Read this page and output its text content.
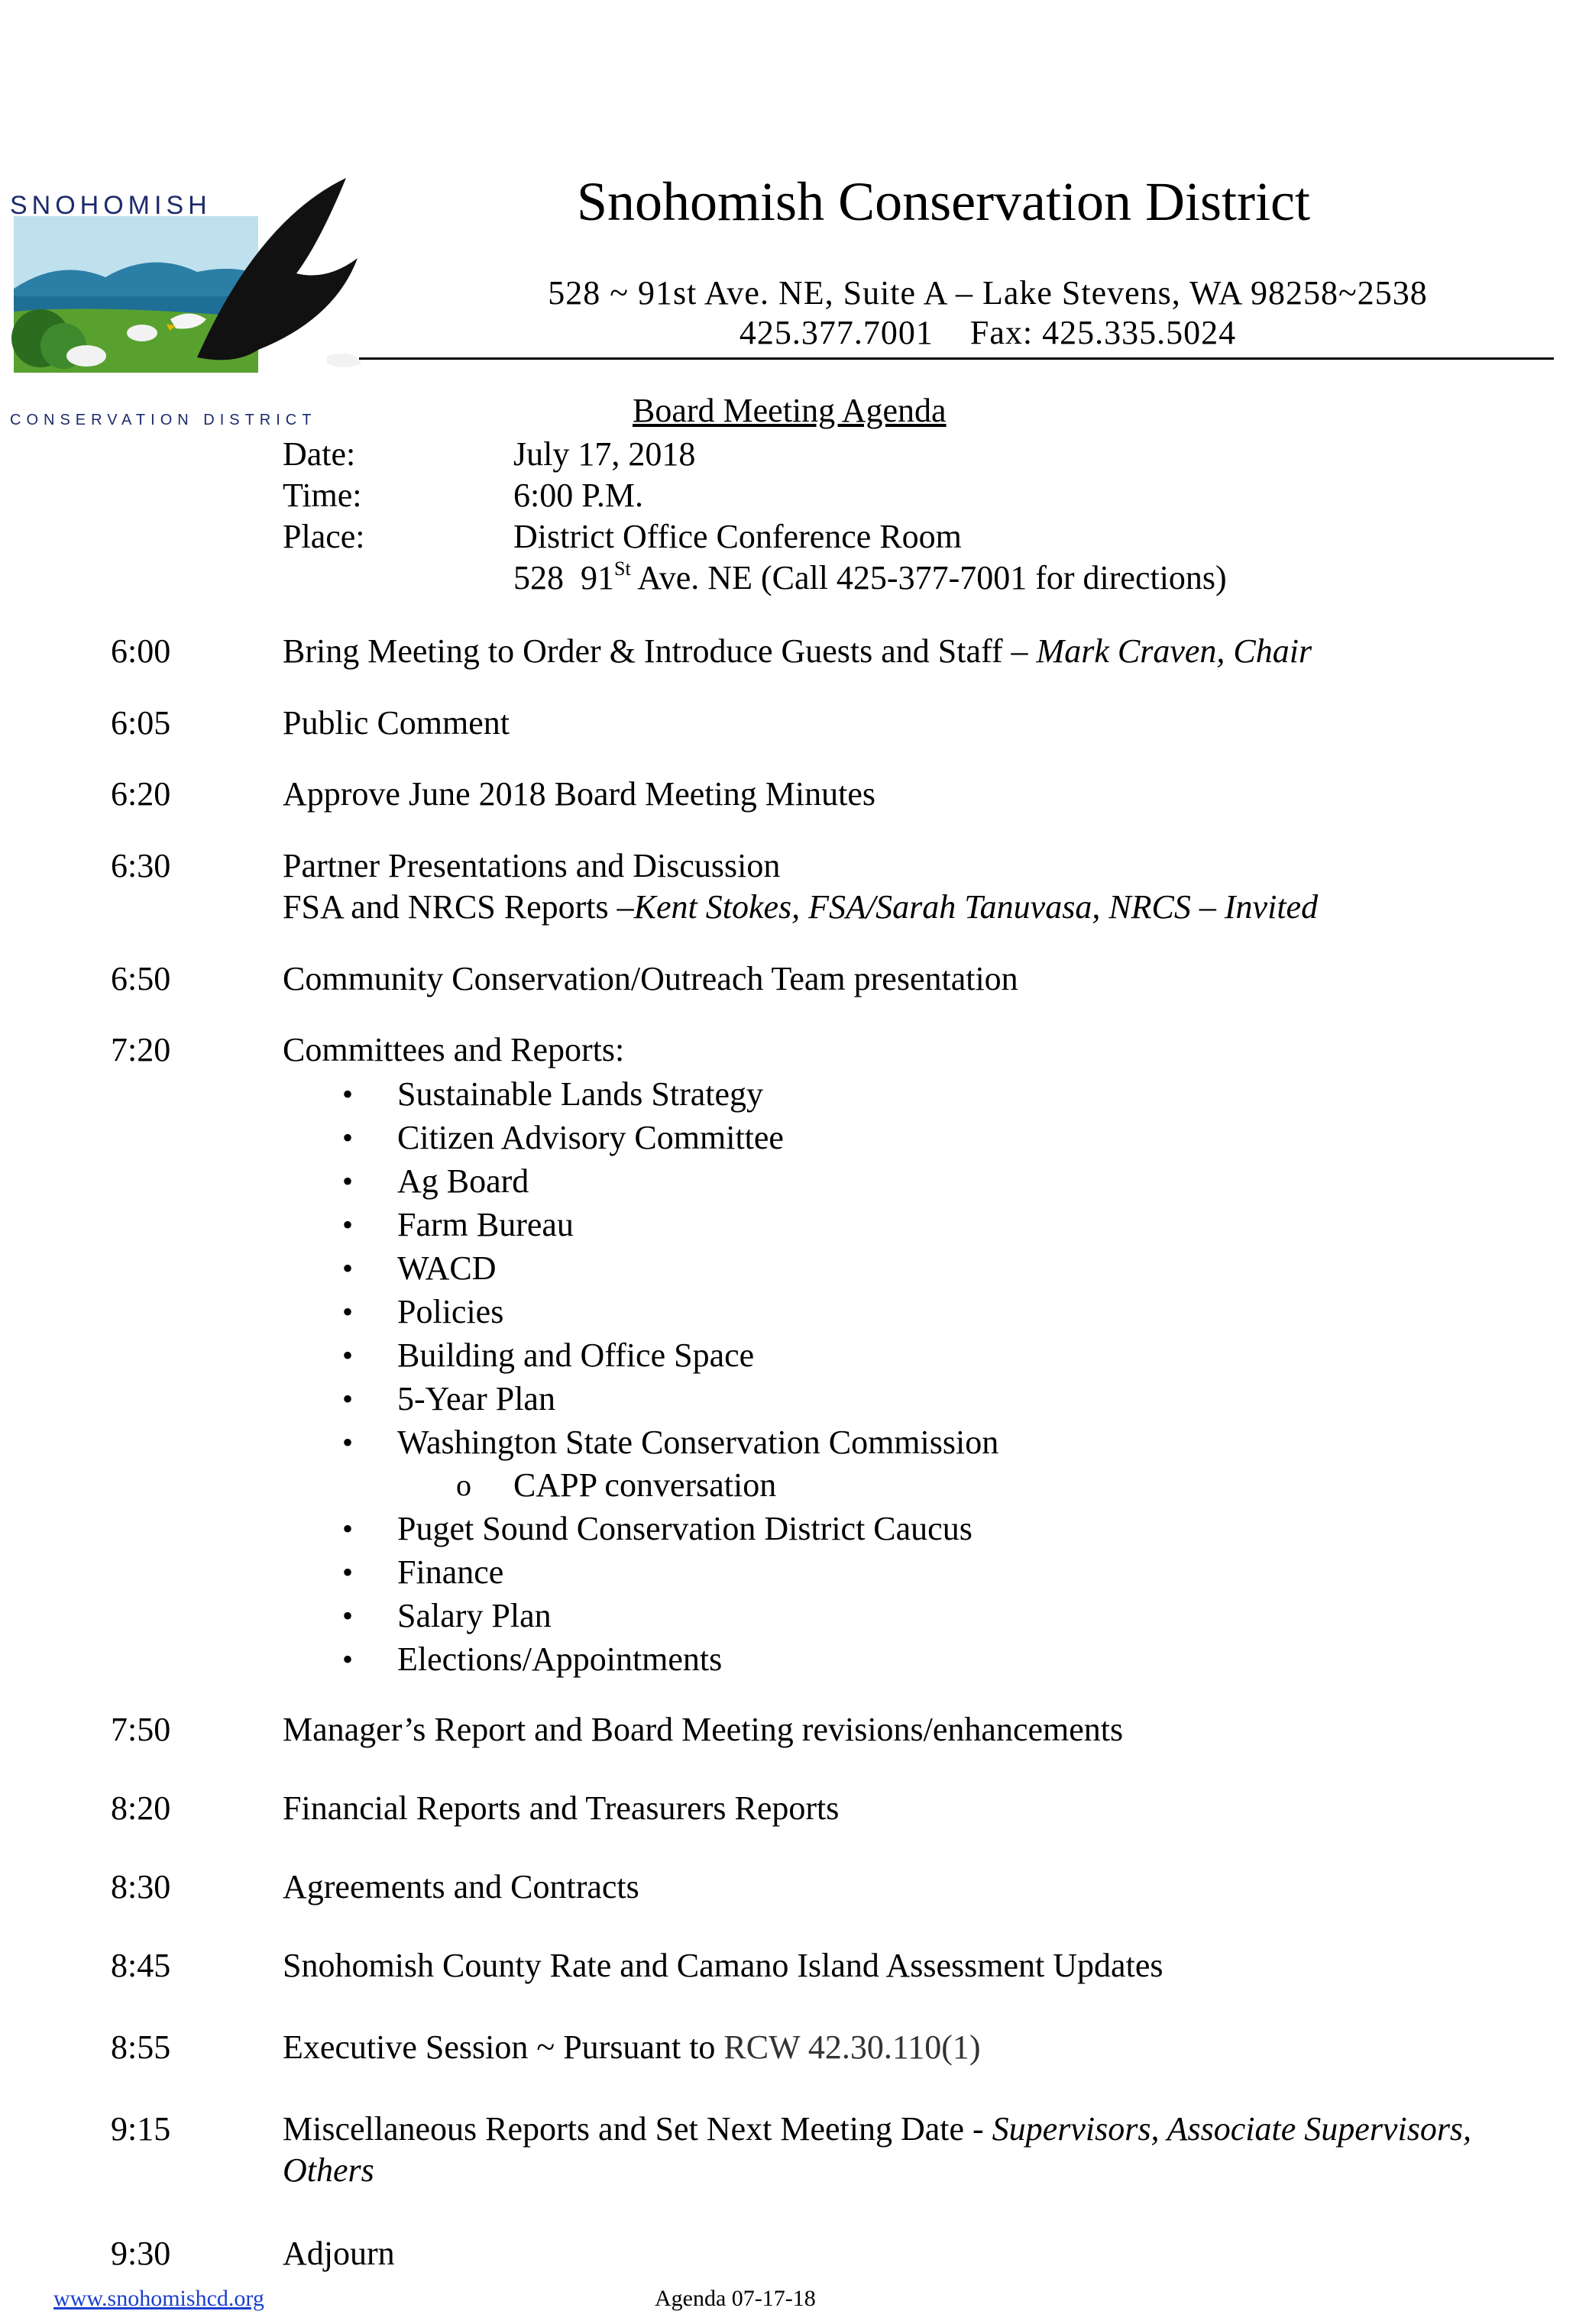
SNOHOMISH
CONSERVATION DISTRICT
Snohomish Conservation District
528 ~ 91st Ave. NE, Suite A – Lake Stevens, WA 98258~2538
425.377.7001    Fax: 425.335.5024
Board Meeting Agenda
Date:	July 17, 2018
Time:	6:00 P.M.
Place:	District Office Conference Room
528  91St Ave. NE (Call 425-377-7001 for directions)
6:00	Bring Meeting to Order & Introduce Guests and Staff – Mark Craven, Chair
6:05	Public Comment
6:20	Approve June 2018 Board Meeting Minutes
6:30	Partner Presentations and Discussion
FSA and NRCS Reports –Kent Stokes, FSA/Sarah Tanuvasa, NRCS – Invited
6:50	Community Conservation/Outreach Team presentation
7:20	Committees and Reports:
• Sustainable Lands Strategy
• Citizen Advisory Committee
• Ag Board
• Farm Bureau
• WACD
• Policies
• Building and Office Space
• 5-Year Plan
• Washington State Conservation Commission
o CAPP conversation
• Puget Sound Conservation District Caucus
• Finance
• Salary Plan
• Elections/Appointments
7:50	Manager’s Report and Board Meeting revisions/enhancements
8:20	Financial Reports and Treasurers Reports
8:30	Agreements and Contracts
8:45	Snohomish County Rate and Camano Island Assessment Updates
8:55	Executive Session ~ Pursuant to RCW 42.30.110(1)
9:15	Miscellaneous Reports and Set Next Meeting Date - Supervisors, Associate Supervisors, Others
9:30	Adjourn
www.snohomishcd.org	Agenda 07-17-18
